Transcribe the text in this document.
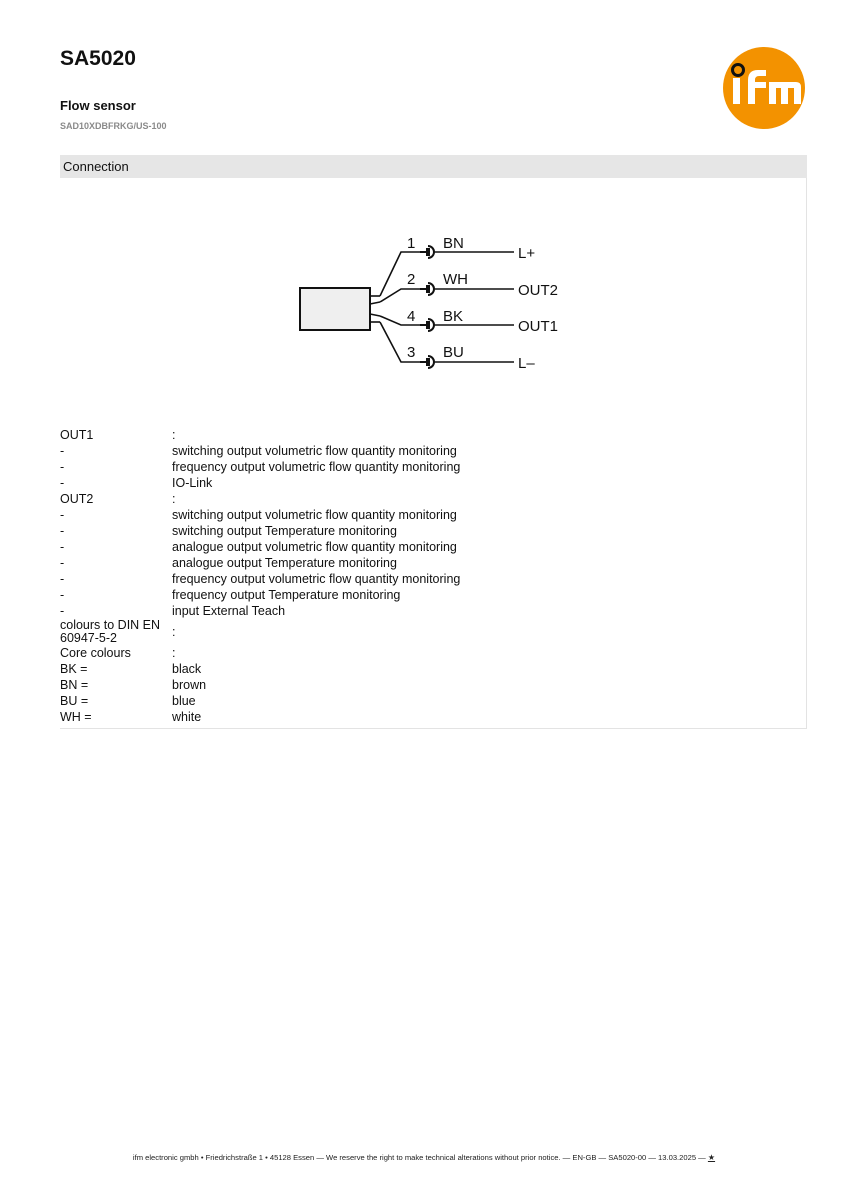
SA5020
Flow sensor
SAD10XDBFRKG/US-100
Connection
1 BN
L+
2 WH
OUT2
4 BK
OUT1
3 BU
L–
OUT1	:
-	switching output volumetric flow quantity monitoring
-	frequency output volumetric flow quantity monitoring
-	IO-Link
OUT2	:
-	switching output volumetric flow quantity monitoring
-	switching output Temperature monitoring
-	analogue output volumetric flow quantity monitoring
-	analogue output Temperature monitoring
-	frequency output volumetric flow quantity monitoring
-	frequency output Temperature monitoring
-	input External Teach
colours to DIN EN 60947-5-2	:
Core colours	:
BK =	black
BN =	brown
BU =	blue
WH =	white
ifm electronic gmbh • Friedrichstraße 1 • 45128 Essen — We reserve the right to make technical alterations without prior notice. — EN-GB — SA5020-00 — 13.03.2025 — ★
